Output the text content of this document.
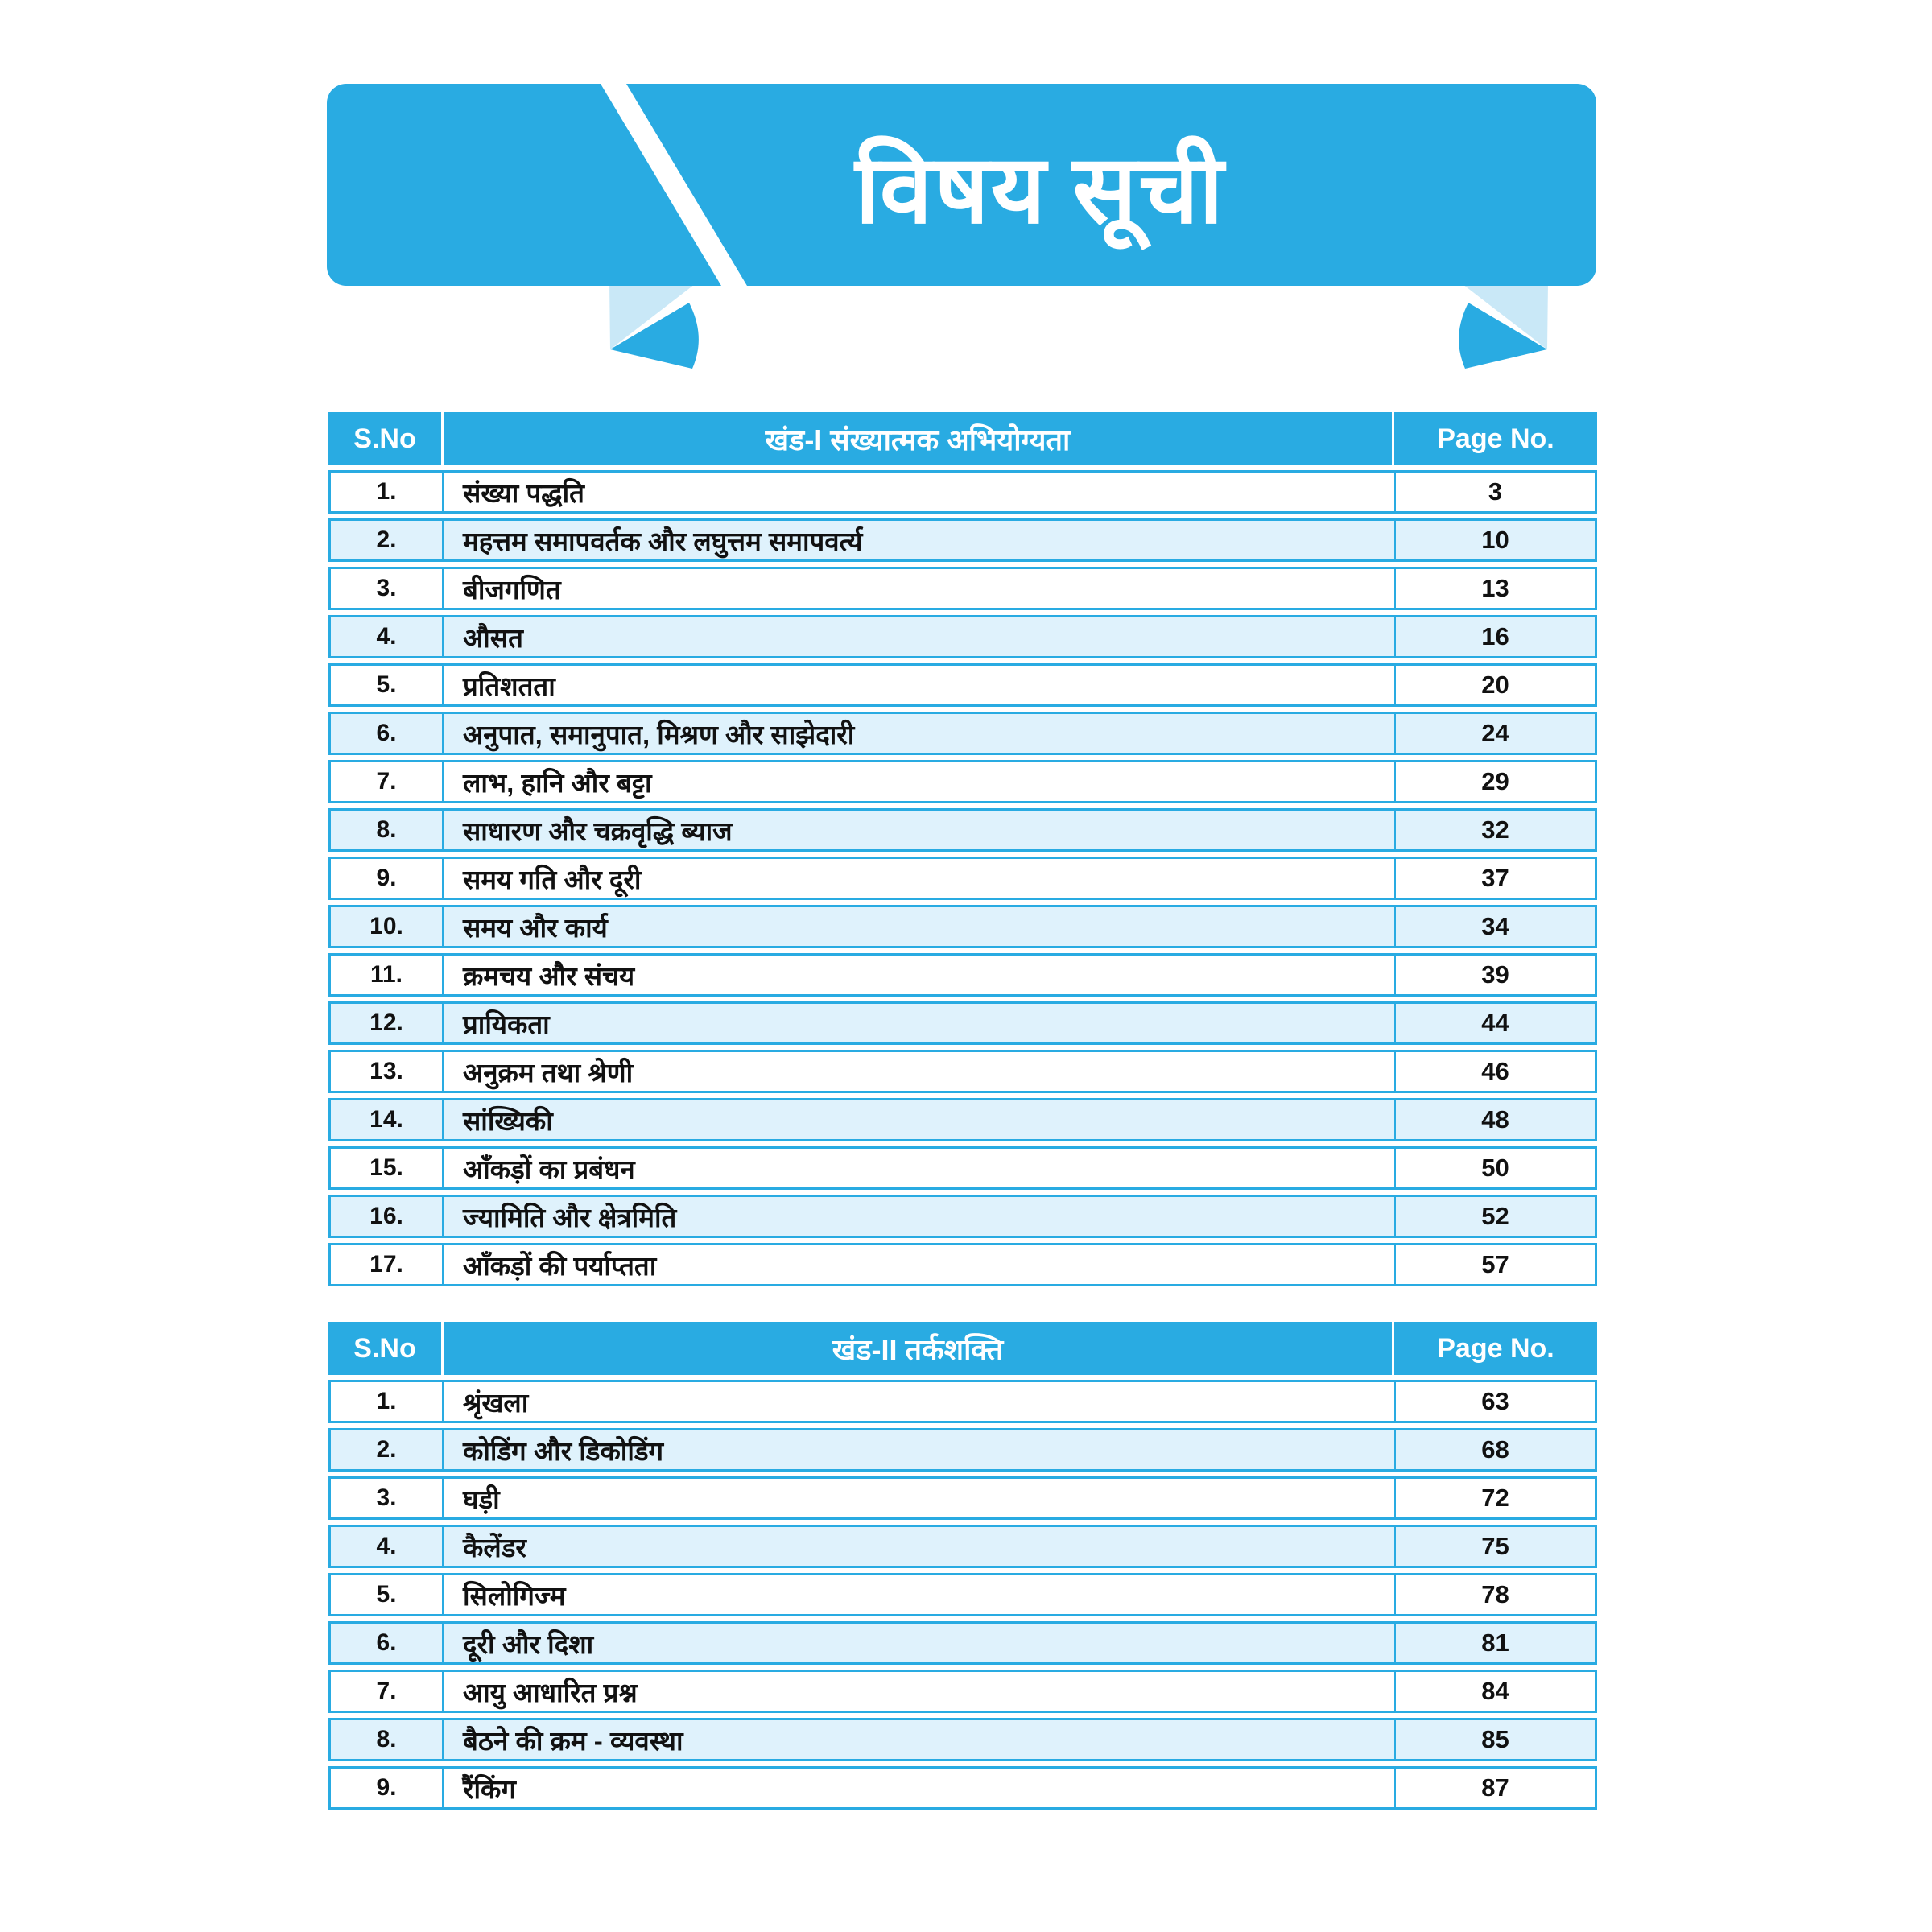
विषय सूची
S.No	खंड-I संख्यात्मक अभियोग्यता	Page No.
1.	संख्या पद्धति	3
2.	महत्तम समापवर्तक और लघुत्तम समापवर्त्य	10
3.	बीजगणित	13
4.	औसत	16
5.	प्रतिशतता	20
6.	अनुपात, समानुपात, मिश्रण और साझेदारी	24
7.	लाभ, हानि और बट्टा	29
8.	साधारण और चक्रवृद्धि ब्याज	32
9.	समय गति और दूरी	37
10.	समय और कार्य	34
11.	क्रमचय और संचय	39
12.	प्रायिकता	44
13.	अनुक्रम तथा श्रेणी	46
14.	सांख्यिकी	48
15.	आँकड़ों का प्रबंधन	50
16.	ज्यामिति और क्षेत्रमिति	52
17.	आँकड़ों की पर्याप्तता	57
S.No	खंड-II तर्कशक्ति	Page No.
1.	श्रृंखला	63
2.	कोडिंग और डिकोडिंग	68
3.	घड़ी	72
4.	कैलेंडर	75
5.	सिलोगिज्म	78
6.	दूरी और दिशा	81
7.	आयु आधारित प्रश्न	84
8.	बैठने की क्रम - व्यवस्था	85
9.	रैंकिंग	87
